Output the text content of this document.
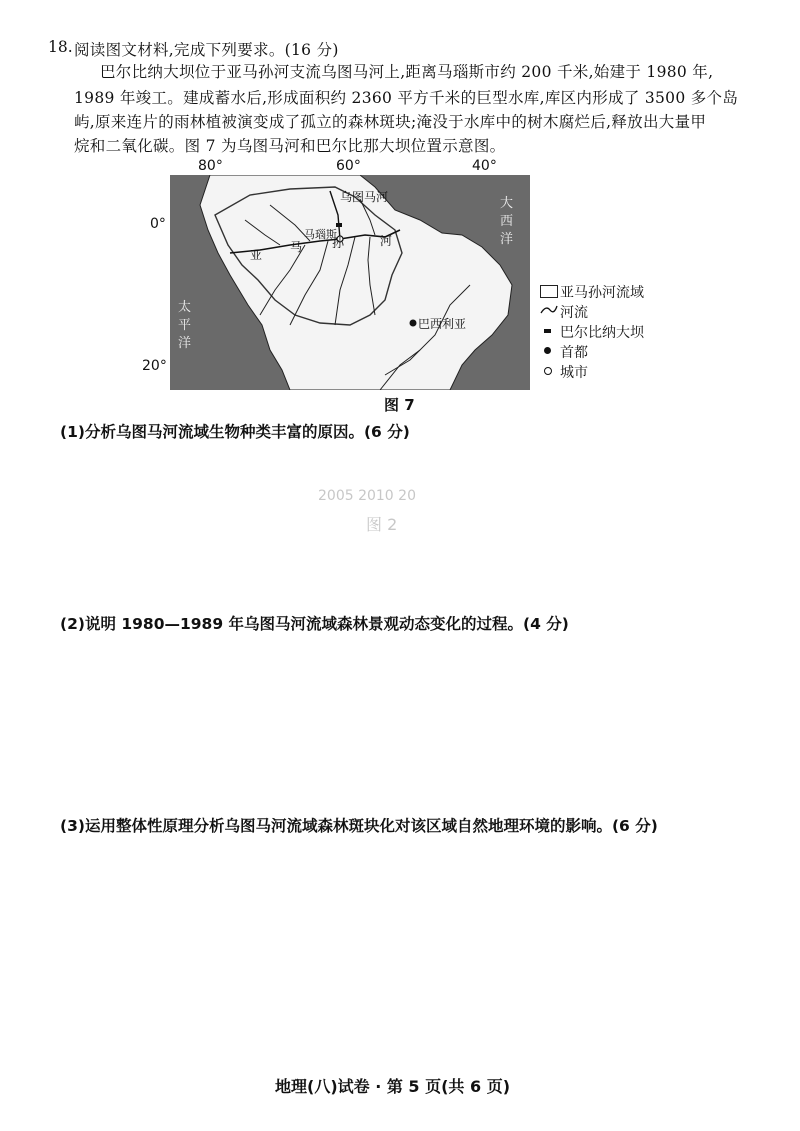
18. 阅读图文材料,完成下列要求。(16 分)
巴尔比纳大坝位于亚马孙河支流乌图马河上,距离马瑙斯市约 200 千米,始建于 1980 年,
1989 年竣工。建成蓄水后,形成面积约 2360 平方千米的巨型水库,库区内形成了 3500 多个岛
屿,原来连片的雨林植被演变成了孤立的森林斑块;淹没于水库中的树木腐烂后,释放出大量甲
烷和二氧化碳。图 7 为乌图马河和巴尔比那大坝位置示意图。
80°	60°	40°
0°
20°
乌图马河
马瑙斯
巴西利亚
大
西
洋
太
平
洋
亚
马 孙	河
亚马孙河流域
河流
巴尔比纳大坝
首都
城市
图 7
2005 2010 20
图 2
(1)分析乌图马河流域生物种类丰富的原因。(6 分)
(2)说明 1980—1989 年乌图马河流域森林景观动态变化的过程。(4 分)
(3)运用整体性原理分析乌图马河流域森林斑块化对该区域自然地理环境的影响。(6 分)
地理(八)试卷 · 第 5 页(共 6 页)
